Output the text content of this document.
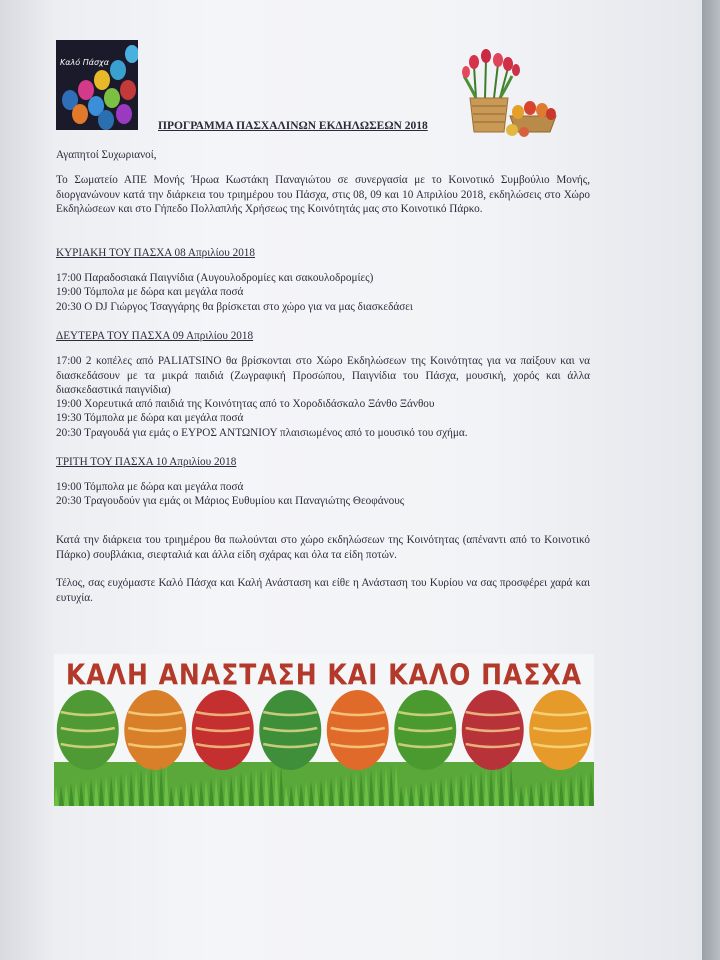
Καλό Πάσχα
ΠΡΟΓΡΑΜΜΑ ΠΑΣΧΑΛΙΝΩΝ ΕΚΔΗΛΩΣΕΩΝ 2018

Αγαπητοί Συχωριανοί,

Το Σωματείο ΑΠΕ Μονής Ήρωα Κωστάκη Παναγιώτου σε συνεργασία με το Κοινοτικό Συμβούλιο Μονής, διοργανώνουν κατά την διάρκεια του τριημέρου του Πάσχα, στις 08, 09 και 10 Απριλίου 2018, εκδηλώσεις στο Χώρο Εκδηλώσεων και στο Γήπεδο Πολλαπλής Χρήσεως της Κοινότητάς μας στο Κοινοτικό Πάρκο.

ΚΥΡΙΑΚΗ ΤΟΥ ΠΑΣΧΑ 08 Απριλίου 2018

17:00 Παραδοσιακά Παιγνίδια (Αυγουλοδρομίες και σακουλοδρομίες)

19:00 Τόμπολα με δώρα και μεγάλα ποσά

20:30 Ο DJ Γιώργος Τσαγγάρης θα βρίσκεται στο χώρο για να μας διασκεδάσει

ΔΕΥΤΕΡΑ ΤΟΥ ΠΑΣΧΑ 09 Απριλίου 2018

17:00 2 κοπέλες από PALIATSINO θα βρίσκονται στο Χώρο Εκδηλώσεων της Κοινότητας για να παίξουν και να διασκεδάσουν με τα μικρά παιδιά (Ζωγραφική Προσώπου, Παιγνίδια του Πάσχα, μουσική, χορός και άλλα διασκεδαστικά παιγνίδια)

19:00 Χορευτικά από παιδιά της Κοινότητας από το Χοροδιδάσκαλο Ξάνθο Ξάνθου

19:30 Τόμπολα με δώρα και μεγάλα ποσά

20:30 Τραγουδά για εμάς ο ΕΥΡΟΣ ΑΝΤΩΝΙΟΥ πλαισιωμένος από το μουσικό του σχήμα.

ΤΡΙΤΗ ΤΟΥ ΠΑΣΧΑ 10 Απριλίου 2018

19:00 Τόμπολα με δώρα και μεγάλα ποσά

20:30 Τραγουδούν για εμάς οι Μάριος Ευθυμίου και Παναγιώτης Θεοφάνους

Κατά την διάρκεια του τριημέρου θα πωλούνται στο χώρο εκδηλώσεων της Κοινότητας (απέναντι από το Κοινοτικό Πάρκο) σουβλάκια, σιεφταλιά και άλλα είδη σχάρας και όλα τα είδη ποτών.

Τέλος, σας ευχόμαστε Καλό Πάσχα και Καλή Ανάσταση και είθε η Ανάσταση του Κυρίου να σας προσφέρει χαρά και ευτυχία.

ΚΑΛΗ ΑΝΑΣΤΑΣΗ ΚΑΙ ΚΑΛΟ ΠΑΣΧΑ
